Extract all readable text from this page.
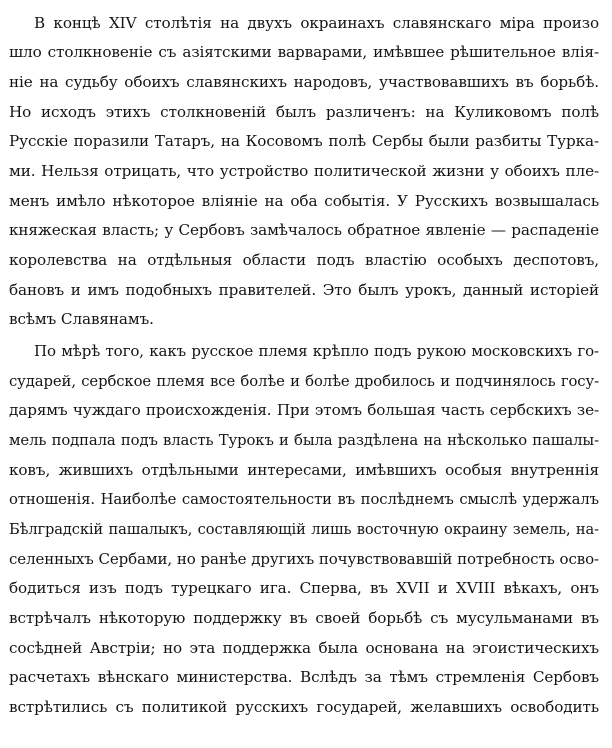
В концѣ XIV столѣтія на двухъ окраинахъ славянскаго міра произо

шло столкновеніе съ азіятскими варварами, имѣвшее рѣшительное влія-

ніе на судьбу обоихъ славянскихъ народовъ, участвовавшихъ въ борьбѣ.

Но исходъ этихъ столкновеній былъ различенъ: на Куликовомъ полѣ

Русскіе поразили Татаръ, на Косовомъ полѣ Сербы были разбиты Турка-

ми. Нельзя отрицать, что устройство политической жизни у обоихъ пле-

менъ имѣло нѣкоторое вліяніе на оба событія. У Русскихъ возвышалась

княжеская власть; у Сербовъ замѣчалось обратное явленіе — распаденіе

королевства на отдѣльныя области подъ властію особыхъ деспотовъ,

бановъ и имъ подобныхъ правителей. Это былъ урокъ, данный исторіей

всѣмъ Славянамъ.

По мѣрѣ того, какъ русское племя крѣпло подъ рукою московскихъ го-

сударей, сербское племя все болѣе и болѣе дробилось и подчинялось госу-

дарямъ чуждаго происхожденія. При этомъ большая часть сербскихъ зе-

мель подпала подъ власть Турокъ и была раздѣлена на нѣсколько пашалы-

ковъ, жившихъ отдѣльными интересами, имѣвшихъ особыя внутреннія

отношенія. Наиболѣе самостоятельности въ послѣднемъ смыслѣ удержалъ

Бѣлградскій пашалыкъ, составляющій лишь восточную окраину земель, на-

селенныхъ Сербами, но ранѣе другихъ почувствовавшій потребность осво-

бодиться изъ подъ турецкаго ига. Сперва, въ XVII и XVIII вѣкахъ, онъ

встрѣчалъ нѣкоторую поддержку въ своей борьбѣ съ мусульманами въ

сосѣдней Австріи; но эта поддержка была основана на эгоистическихъ

расчетахъ вѣнскаго министерства. Вслѣдъ за тѣмъ стремленія Сербовъ

встрѣтились съ политикой русскихъ государей, желавшихъ освободить
